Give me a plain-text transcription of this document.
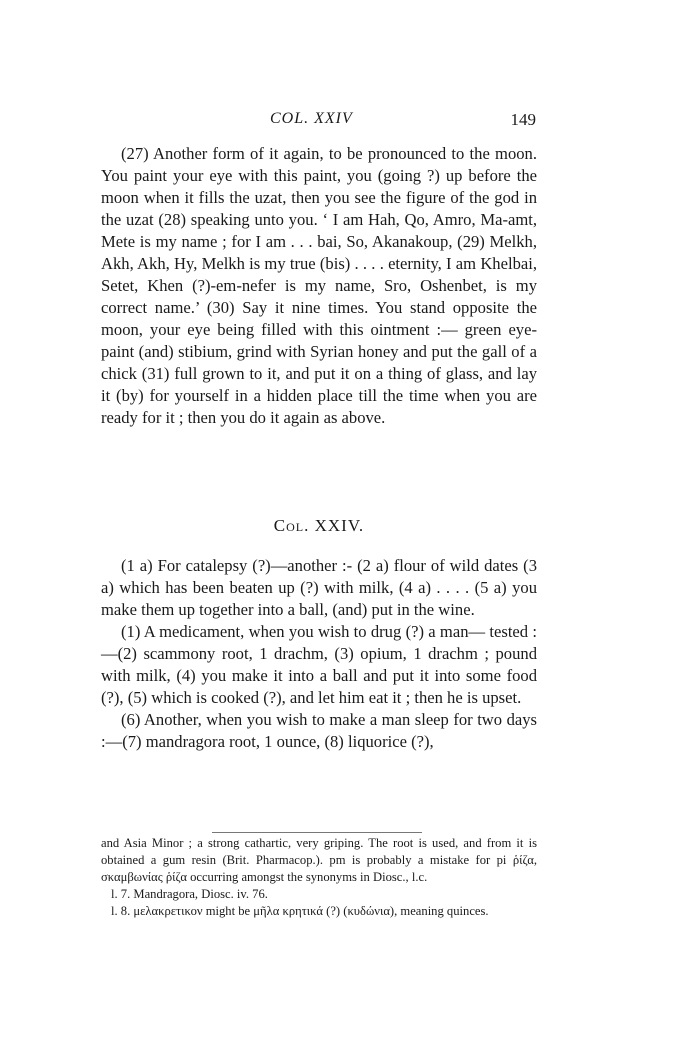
COL. XXIV	149

(27) Another form of it again, to be pronounced to the moon. You paint your eye with this paint, you (going ?) up before the moon when it fills the uzat, then you see the figure of the god in the uzat (28) speaking unto you. ‘ I am Hah, Qo, Amro, Ma-amt, Mete is my name ; for I am . . . bai, So, Akanakoup, (29) Melkh, Akh, Akh, Hy, Melkh is my true (bis) . . . . eternity, I am Khelbai, Setet, Khen (?)-em-nefer is my name, Sro, Oshenbet, is my correct name.’ (30) Say it nine times. You stand opposite the moon, your eye being filled with this ointment :— green eye-paint (and) stibium, grind with Syrian honey and put the gall of a chick (31) full grown to it, and put it on a thing of glass, and lay it (by) for yourself in a hidden place till the time when you are ready for it ; then you do it again as above.

Col. XXIV.

(1 a) For catalepsy (?)—another :- (2 a) flour of wild dates (3 a) which has been beaten up (?) with milk, (4 a) . . . . (5 a) you make them up together into a ball, (and) put in the wine.

(1) A medicament, when you wish to drug (?) a man— tested :—(2) scammony root, 1 drachm, (3) opium, 1 drachm ; pound with milk, (4) you make it into a ball and put it into some food (?), (5) which is cooked (?), and let him eat it ; then he is upset.

(6) Another, when you wish to make a man sleep for two days :—(7) mandragora root, 1 ounce, (8) liquorice (?),

and Asia Minor ; a strong cathartic, very griping. The root is used, and from it is obtained a gum resin (Brit. Pharmacop.). pm is probably a mistake for pi ῥίζα, σκαμβωνίας ῥίζα occurring amongst the synonyms in Diosc., l.c.

l. 7. Mandragora, Diosc. iv. 76.

l. 8. μελακρετικον might be μῆλα κρητικά (?) (κυδώνια), meaning quinces.
